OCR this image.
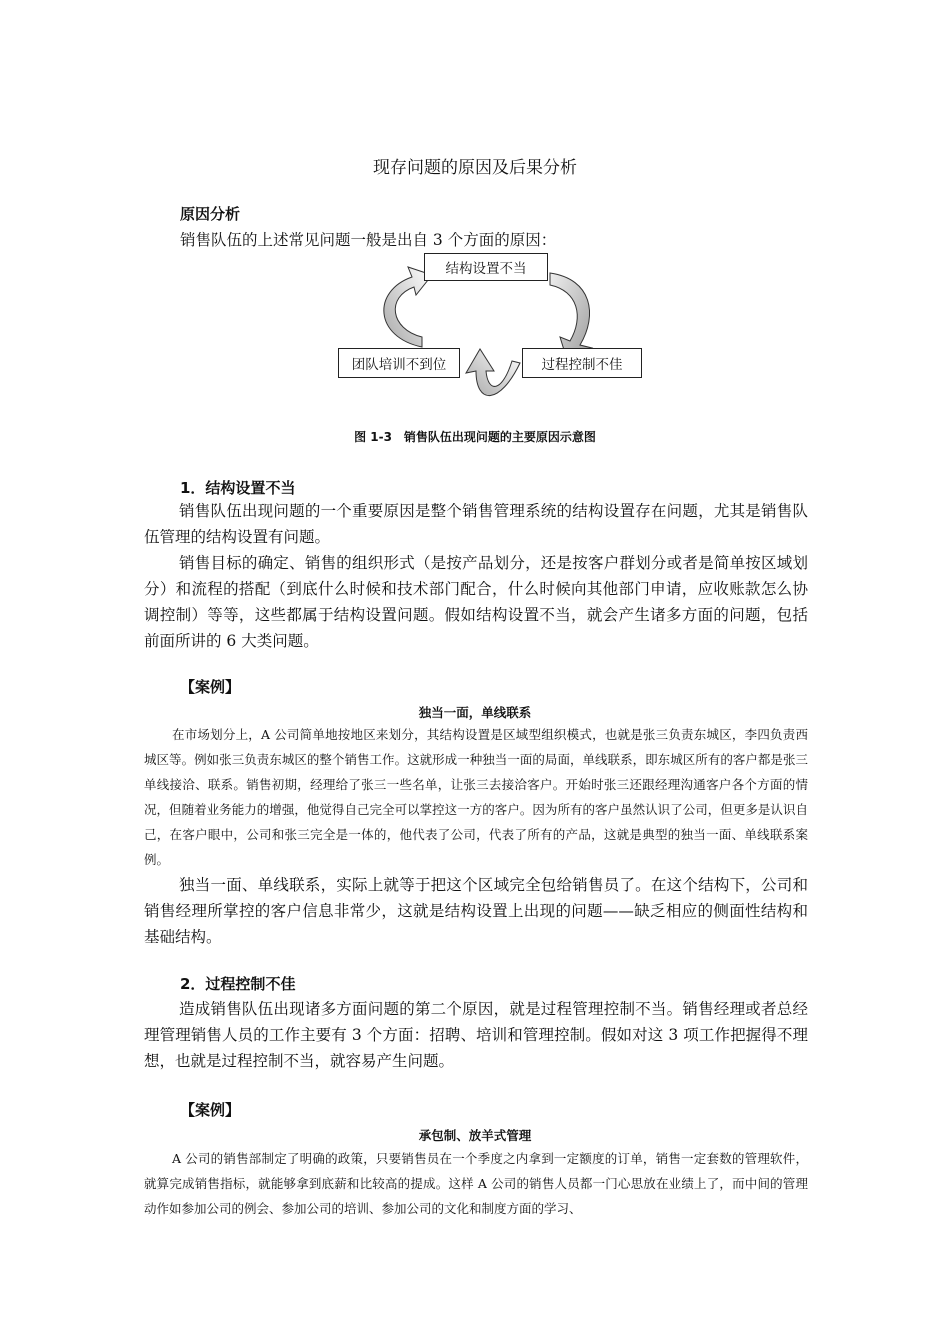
现存问题的原因及后果分析
原因分析

销售队伍的上述常见问题一般是出自 3 个方面的原因：

结构设置不当
团队培训不到位	过程控制不佳
图 1-3　销售队伍出现问题的主要原因示意图
1．结构设置不当

销售队伍出现问题的一个重要原因是整个销售管理系统的结构设置存在问题，尤其是销售队伍管理的结构设置有问题。

销售目标的确定、销售的组织形式（是按产品划分，还是按客户群划分或者是简单按区域划分）和流程的搭配（到底什么时候和技术部门配合，什么时候向其他部门申请，应收账款怎么协调控制）等等，这些都属于结构设置问题。假如结构设置不当，就会产生诸多方面的问题，包括前面所讲的 6 大类问题。

【案例】
独当一面，单线联系

在市场划分上，A 公司简单地按地区来划分，其结构设置是区域型组织模式，也就是张三负责东城区，李四负责西城区等。例如张三负责东城区的整个销售工作。这就形成一种独当一面的局面，单线联系，即东城区所有的客户都是张三单线接洽、联系。销售初期，经理给了张三一些名单，让张三去接洽客户。开始时张三还跟经理沟通客户各个方面的情况，但随着业务能力的增强，他觉得自己完全可以掌控这一方的客户。因为所有的客户虽然认识了公司，但更多是认识自己，在客户眼中，公司和张三完全是一体的，他代表了公司，代表了所有的产品，这就是典型的独当一面、单线联系案例。

独当一面、单线联系，实际上就等于把这个区域完全包给销售员了。在这个结构下，公司和销售经理所掌控的客户信息非常少，这就是结构设置上出现的问题——缺乏相应的侧面性结构和基础结构。

2．过程控制不佳

造成销售队伍出现诸多方面问题的第二个原因，就是过程管理控制不当。销售经理或者总经理管理销售人员的工作主要有 3 个方面：招聘、培训和管理控制。假如对这 3 项工作把握得不理想，也就是过程控制不当，就容易产生问题。

【案例】
承包制、放羊式管理

A 公司的销售部制定了明确的政策，只要销售员在一个季度之内拿到一定额度的订单，销售一定套数的管理软件，就算完成销售指标，就能够拿到底薪和比较高的提成。这样 A 公司的销售人员都一门心思放在业绩上了，而中间的管理动作如参加公司的例会、参加公司的培训、参加公司的文化和制度方面的学习、
